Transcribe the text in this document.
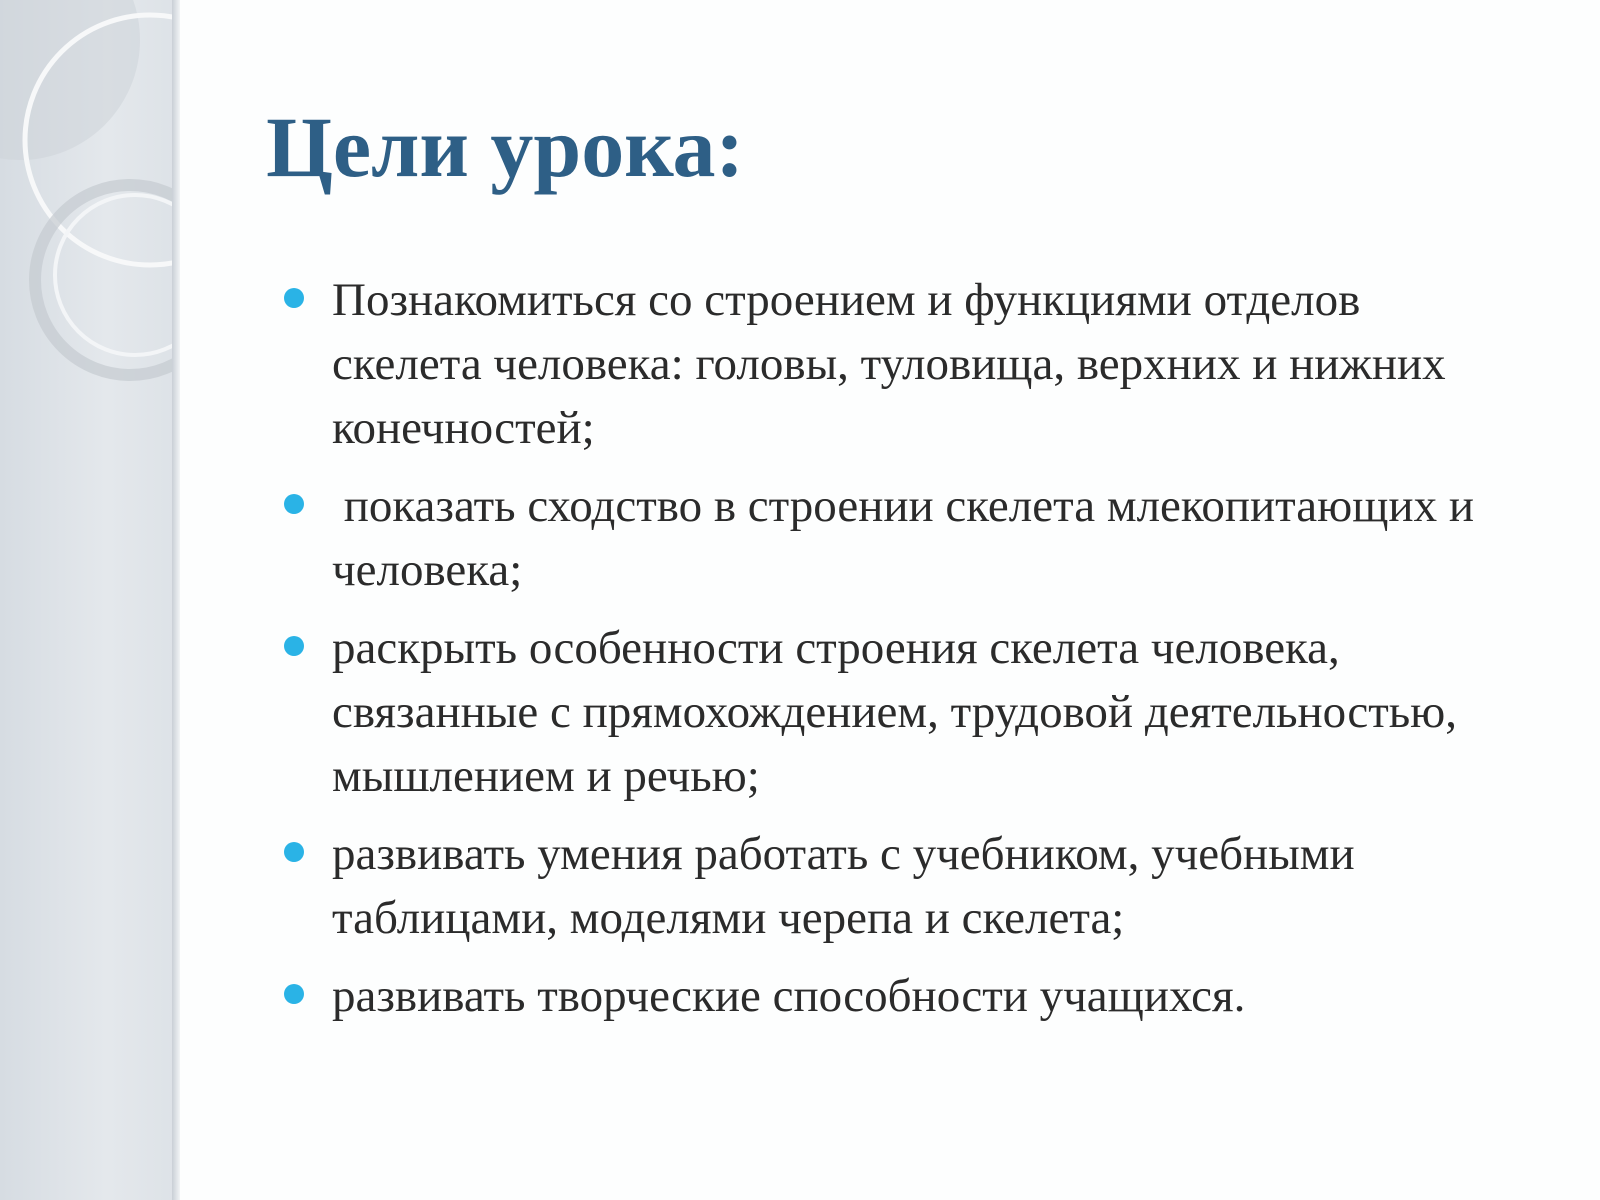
Цели урока:
Познакомиться со строением и функциями отделов скелета человека: головы, туловища, верхних и нижних конечностей;
показать сходство в строении скелета млекопитающих и человека;
раскрыть особенности строения скелета человека, связанные с прямохождением, трудовой деятельностью, мышлением и речью;
развивать умения работать с учебником, учебными таблицами, моделями черепа и скелета;
развивать творческие способности учащихся.
